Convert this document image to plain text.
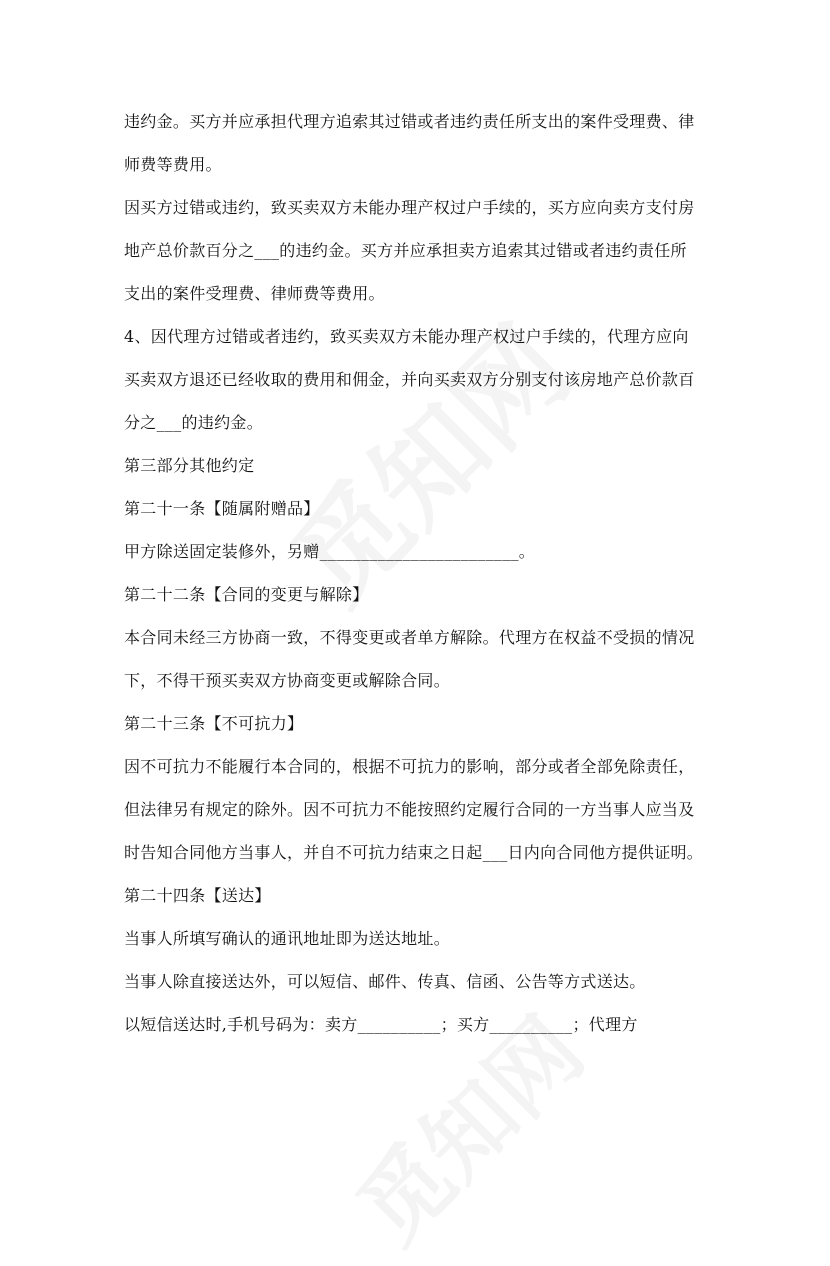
违约金。买方并应承担代理方追索其过错或者违约责任所支出的案件受理费、律
师费等费用。
因买方过错或违约，致买卖双方未能办理产权过户手续的，买方应向卖方支付房
地产总价款百分之___的违约金。买方并应承担卖方追索其过错或者违约责任所
支出的案件受理费、律师费等费用。
4、因代理方过错或者违约，致买卖双方未能办理产权过户手续的，代理方应向
买卖双方退还已经收取的费用和佣金，并向买卖双方分别支付该房地产总价款百
分之___的违约金。
第三部分其他约定
第二十一条【随属附赠品】
甲方除送固定装修外，另赠________________________。
第二十二条【合同的变更与解除】
本合同未经三方协商一致，不得变更或者单方解除。代理方在权益不受损的情况
下，不得干预买卖双方协商变更或解除合同。
第二十三条【不可抗力】
因不可抗力不能履行本合同的，根据不可抗力的影响，部分或者全部免除责任，
但法律另有规定的除外。因不可抗力不能按照约定履行合同的一方当事人应当及
时告知合同他方当事人，并自不可抗力结束之日起___日内向合同他方提供证明。
第二十四条【送达】
当事人所填写确认的通讯地址即为送达地址。
当事人除直接送达外，可以短信、邮件、传真、信函、公告等方式送达。
以短信送达时,手机号码为：卖方__________；买方__________；代理方
